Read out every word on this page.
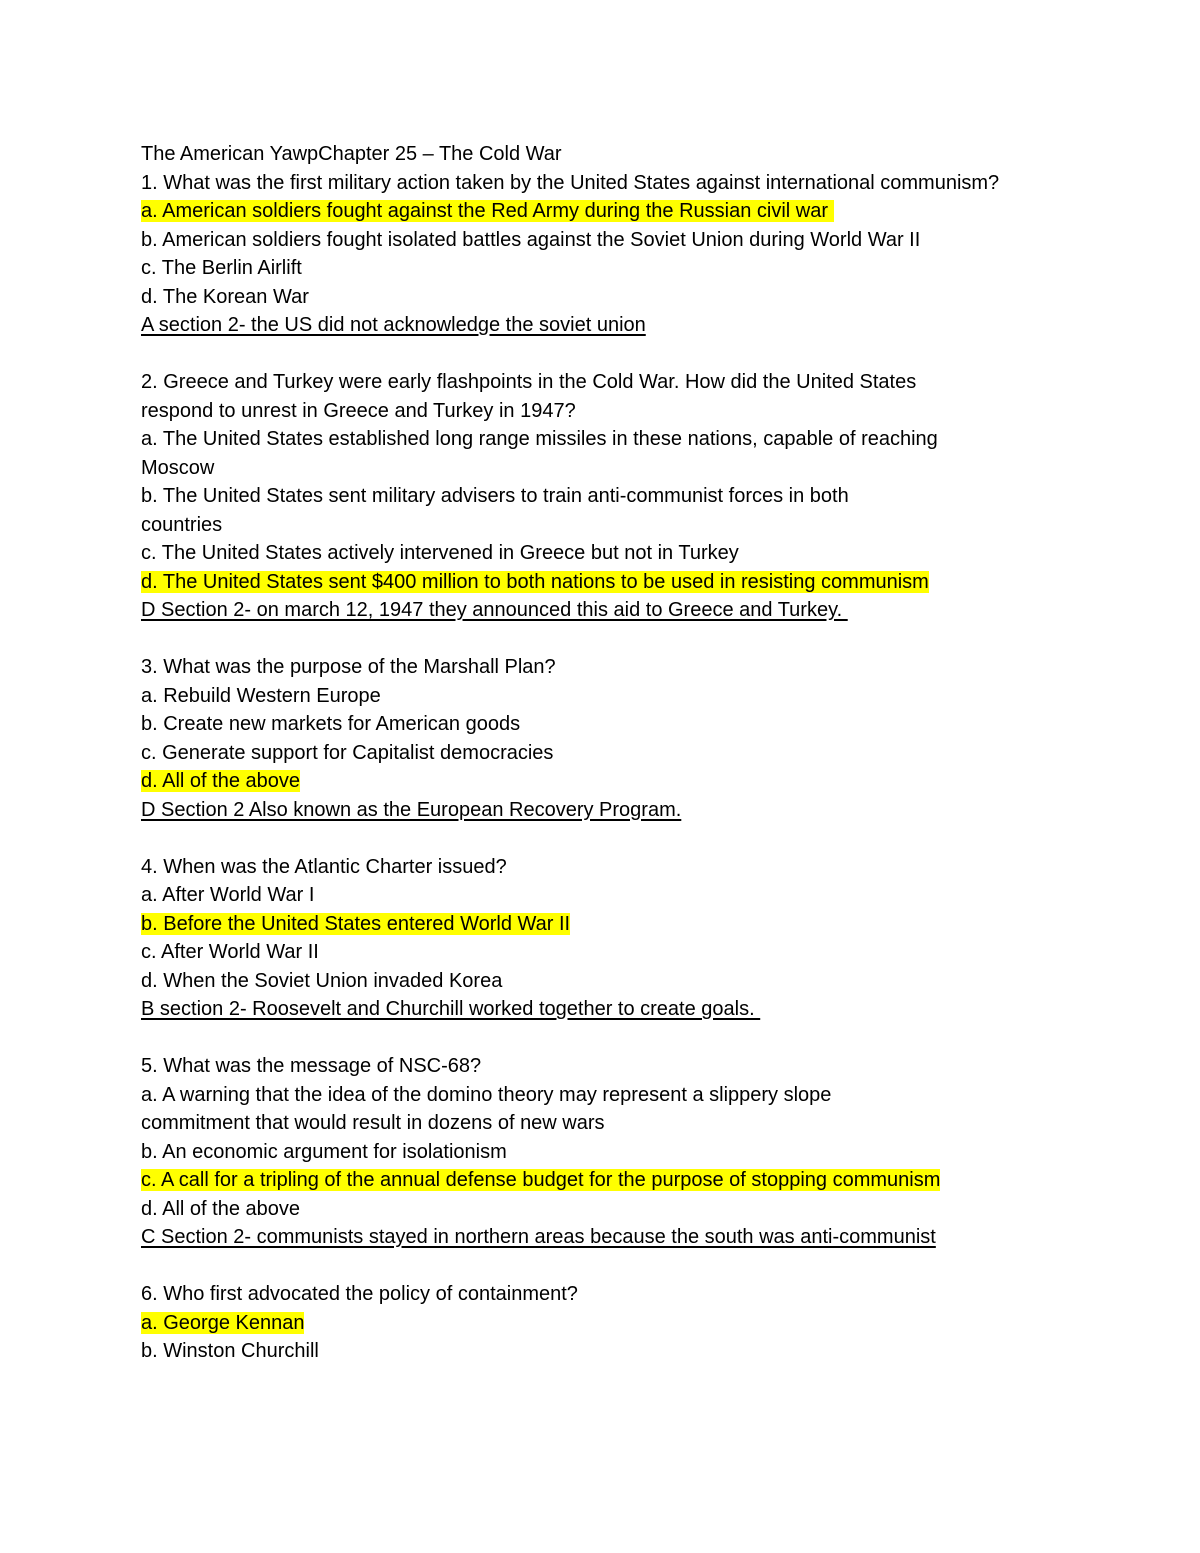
The American YawpChapter 25 – The Cold War
1. What was the first military action taken by the United States against international communism?
a. American soldiers fought against the Red Army during the Russian civil war
b. American soldiers fought isolated battles against the Soviet Union during World War II
c. The Berlin Airlift
d. The Korean War
A section 2- the US did not acknowledge the soviet union
2. Greece and Turkey were early flashpoints in the Cold War. How did the United States respond to unrest in Greece and Turkey in 1947?
a. The United States established long range missiles in these nations, capable of reaching Moscow
b. The United States sent military advisers to train anti-communist forces in both countries
c. The United States actively intervened in Greece but not in Turkey
d. The United States sent $400 million to both nations to be used in resisting communism
D Section 2- on march 12, 1947 they announced this aid to Greece and Turkey.
3. What was the purpose of the Marshall Plan?
a. Rebuild Western Europe
b. Create new markets for American goods
c. Generate support for Capitalist democracies
d. All of the above
D Section 2 Also known as the European Recovery Program.
4. When was the Atlantic Charter issued?
a. After World War I
b. Before the United States entered World War II
c. After World War II
d. When the Soviet Union invaded Korea
B section 2- Roosevelt and Churchill worked together to create goals.
5. What was the message of NSC-68?
a. A warning that the idea of the domino theory may represent a slippery slope commitment that would result in dozens of new wars
b. An economic argument for isolationism
c. A call for a tripling of the annual defense budget for the purpose of stopping communism
d. All of the above
C Section 2- communists stayed in northern areas because the south was anti-communist
6. Who first advocated the policy of containment?
a. George Kennan
b. Winston Churchill
